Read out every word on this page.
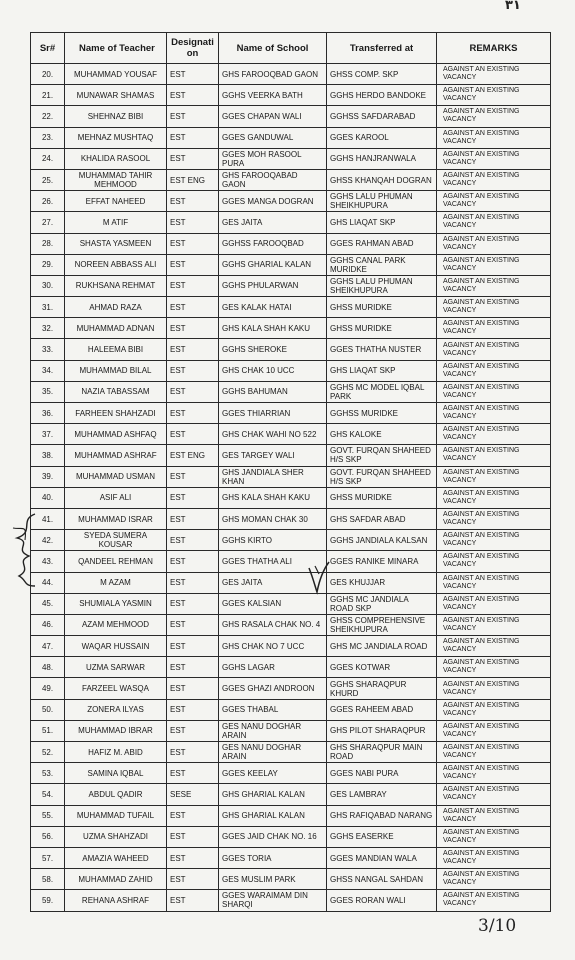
٣١
Sr#	Name of Teacher	Designati on	Name of School	Transferred at	REMARKS
20.	MUHAMMAD YOUSAF	EST	GHS FAROOQBAD GAON	GHSS COMP. SKP	AGAINST AN EXISTING VACANCY
21.	MUNAWAR SHAMAS	EST	GGHS VEERKA BATH	GGHS HERDO BANDOKE	AGAINST AN EXISTING VACANCY
22.	SHEHNAZ BIBI	EST	GGES CHAPAN WALI	GGHSS SAFDARABAD	AGAINST AN EXISTING VACANCY
23.	MEHNAZ MUSHTAQ	EST	GGES GANDUWAL	GGES KAROOL	AGAINST AN EXISTING VACANCY
24.	KHALIDA RASOOL	EST	GGES MOH RASOOL PURA	GGHS HANJRANWALA	AGAINST AN EXISTING VACANCY
25.	MUHAMMAD TAHIR MEHMOOD	EST ENG	GHS FAROOQABAD GAON	GHSS KHANQAH DOGRAN	AGAINST AN EXISTING VACANCY
26.	EFFAT NAHEED	EST	GGES MANGA DOGRAN	GGHS LALU PHUMAN SHEIKHUPURA	AGAINST AN EXISTING VACANCY
27.	M ATIF	EST	GES JAITA	GHS LIAQAT SKP	AGAINST AN EXISTING VACANCY
28.	SHASTA YASMEEN	EST	GGHSS FAROOQBAD	GGES RAHMAN ABAD	AGAINST AN EXISTING VACANCY
29.	NOREEN ABBASS ALI	EST	GGHS GHARIAL KALAN	GGHS CANAL PARK MURIDKE	AGAINST AN EXISTING VACANCY
30.	RUKHSANA REHMAT	EST	GGHS PHULARWAN	GGHS LALU PHUMAN SHEIKHUPURA	AGAINST AN EXISTING VACANCY
31.	AHMAD RAZA	EST	GES KALAK HATAI	GHSS MURIDKE	AGAINST AN EXISTING VACANCY
32.	MUHAMMAD ADNAN	EST	GHS KALA SHAH KAKU	GHSS MURIDKE	AGAINST AN EXISTING VACANCY
33.	HALEEMA BIBI	EST	GGHS SHEROKE	GGES THATHA NUSTER	AGAINST AN EXISTING VACANCY
34.	MUHAMMAD BILAL	EST	GHS CHAK 10 UCC	GHS LIAQAT SKP	AGAINST AN EXISTING VACANCY
35.	NAZIA TABASSAM	EST	GGHS BAHUMAN	GGHS MC MODEL IQBAL PARK	AGAINST AN EXISTING VACANCY
36.	FARHEEN SHAHZADI	EST	GGES THIARRIAN	GGHSS MURIDKE	AGAINST AN EXISTING VACANCY
37.	MUHAMMAD ASHFAQ	EST	GHS CHAK WAHI NO 522	GHS KALOKE	AGAINST AN EXISTING VACANCY
38.	MUHAMMAD ASHRAF	EST ENG	GES TARGEY WALI	GOVT. FURQAN SHAHEED H/S SKP	AGAINST AN EXISTING VACANCY
39.	MUHAMMAD USMAN	EST	GHS JANDIALA SHER KHAN	GOVT. FURQAN SHAHEED H/S SKP	AGAINST AN EXISTING VACANCY
40.	ASIF ALI	EST	GHS KALA SHAH KAKU	GHSS MURIDKE	AGAINST AN EXISTING VACANCY
41.	MUHAMMAD ISRAR	EST	GHS MOMAN CHAK 30	GHS SAFDAR ABAD	AGAINST AN EXISTING VACANCY
42.	SYEDA SUMERA KOUSAR	EST	GGHS KIRTO	GGHS JANDIALA KALSAN	AGAINST AN EXISTING VACANCY
43.	QANDEEL REHMAN	EST	GGES THATHA ALI	GGES RANIKE MINARA	AGAINST AN EXISTING VACANCY
44.	M AZAM	EST	GES JAITA	GES KHUJJAR	AGAINST AN EXISTING VACANCY
45.	SHUMIALA YASMIN	EST	GGES KALSIAN	GGHS MC JANDIALA ROAD SKP	AGAINST AN EXISTING VACANCY
46.	AZAM MEHMOOD	EST	GHS RASALA CHAK NO. 4	GHSS COMPREHENSIVE SHEIKHUPURA	AGAINST AN EXISTING VACANCY
47.	WAQAR HUSSAIN	EST	GHS CHAK NO 7 UCC	GHS MC JANDIALA ROAD	AGAINST AN EXISTING VACANCY
48.	UZMA SARWAR	EST	GGHS LAGAR	GGES KOTWAR	AGAINST AN EXISTING VACANCY
49.	FARZEEL WASQA	EST	GGES GHAZI ANDROON	GGHS SHARAQPUR KHURD	AGAINST AN EXISTING VACANCY
50.	ZONERA ILYAS	EST	GGES THABAL	GGES RAHEEM ABAD	AGAINST AN EXISTING VACANCY
51.	MUHAMMAD IBRAR	EST	GES NANU DOGHAR ARAIN	GHS PILOT SHARAQPUR	AGAINST AN EXISTING VACANCY
52.	HAFIZ M. ABID	EST	GES NANU DOGHAR ARAIN	GHS SHARAQPUR MAIN ROAD	AGAINST AN EXISTING VACANCY
53.	SAMINA IQBAL	EST	GGES KEELAY	GGES NABI PURA	AGAINST AN EXISTING VACANCY
54.	ABDUL QADIR	SESE	GHS GHARIAL KALAN	GES LAMBRAY	AGAINST AN EXISTING VACANCY
55.	MUHAMMAD TUFAIL	EST	GHS GHARIAL KALAN	GHS RAFIQABAD NARANG	AGAINST AN EXISTING VACANCY
56.	UZMA SHAHZADI	EST	GGES JAID CHAK NO. 16	GGHS EASERKE	AGAINST AN EXISTING VACANCY
57.	AMAZIA WAHEED	EST	GGES TORIA	GGES MANDIAN WALA	AGAINST AN EXISTING VACANCY
58.	MUHAMMAD ZAHID	EST	GES MUSLIM PARK	GHSS NANGAL SAHDAN	AGAINST AN EXISTING VACANCY
59.	REHANA ASHRAF	EST	GGES WARAIMAM DIN SHARQI	GGES RORAN WALI	AGAINST AN EXISTING VACANCY
3/10
